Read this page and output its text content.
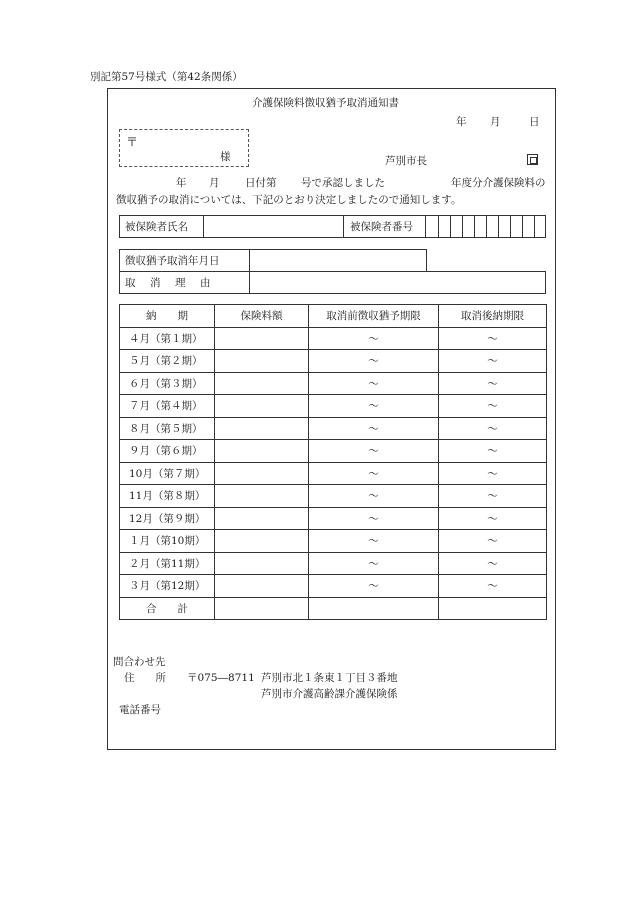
別記第57号様式（第42条関係）
介護保険料徴収猶予取消通知書
年 月	日
〒
様	芦別市長
年 月 日付第 号で承認しました	年度分介護保険料の
徴収猶予の取消については、下記のとおり決定しましたので通知します。
被保険者氏名	被保険者番号
徴収猶予取消年月日
取　消　理　由
納　　期	保険料額	取消前徴収猶予期限	取消後納期限
４月（第１期）		～	～
５月（第２期）		～	～
６月（第３期）		～	～
７月（第４期）		～	～
８月（第５期）		～	～
９月（第６期）		～	～
10月（第７期）		～	～
11月（第８期）		～	～
12月（第９期）		～	～
１月（第10期）		～	～
２月（第11期）		～	～
３月（第12期）		～	～
合　　計			
問合わせ先
住　　所 〒075―8711 芦別市北１条東１丁目３番地
芦別市介護高齢課介護保険係
電話番号
